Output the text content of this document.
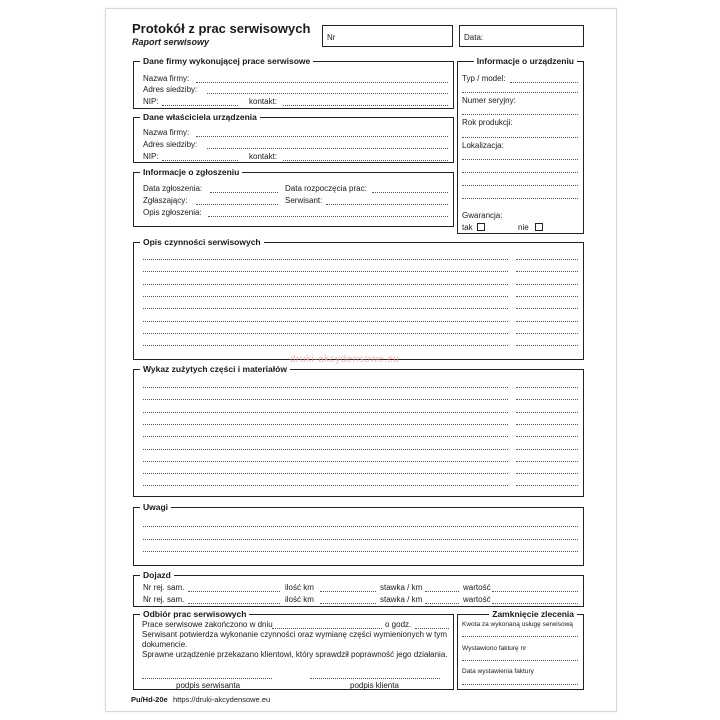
Protokół z prac serwisowych
Raport serwisowy	Nr	Data:
Dane firmy wykonującej prace serwisowe
Nazwa firmy:
Adres siedziby:
NIP:	kontakt:
Dane właściciela urządzenia
Nazwa firmy:
Adres siedziby:
NIP:	kontakt:
Informacje o zgłoszeniu
Data zgłoszenia:	Data rozpoczęcia prac:
Zgłaszający:	Serwisant:
Opis zgłoszenia:
Informacje o urządzeniu
Typ / model:
Numer seryjny:
Rok produkcji:
Lokalizacja:
Gwarancja:
tak	nie
Opis czynności serwisowych
druki-akcydensowe.eu
Wykaz zużytych części i materiałów
Uwagi
Dojazd
Nr rej. sam.	ilość km	stawka / km	wartość
Nr rej. sam.	ilość km	stawka / km	wartość
Odbiór prac serwisowych
Prace serwisowe zakończono w dniu	o godz.
Serwisant potwierdza wykonanie czynności oraz wymianę części wymienionych w tym
dokumencie.
Sprawne urządzenie przekazano klientowi, który sprawdził poprawność jego działania.
podpis serwisanta	podpis klienta
Zamknięcie zlecenia
Kwota za wykonaną usługę serwisową
Wystawiono fakturę nr
Data wystawienia faktury
Pu/Hd-20e https://druki-akcydensowe.eu
